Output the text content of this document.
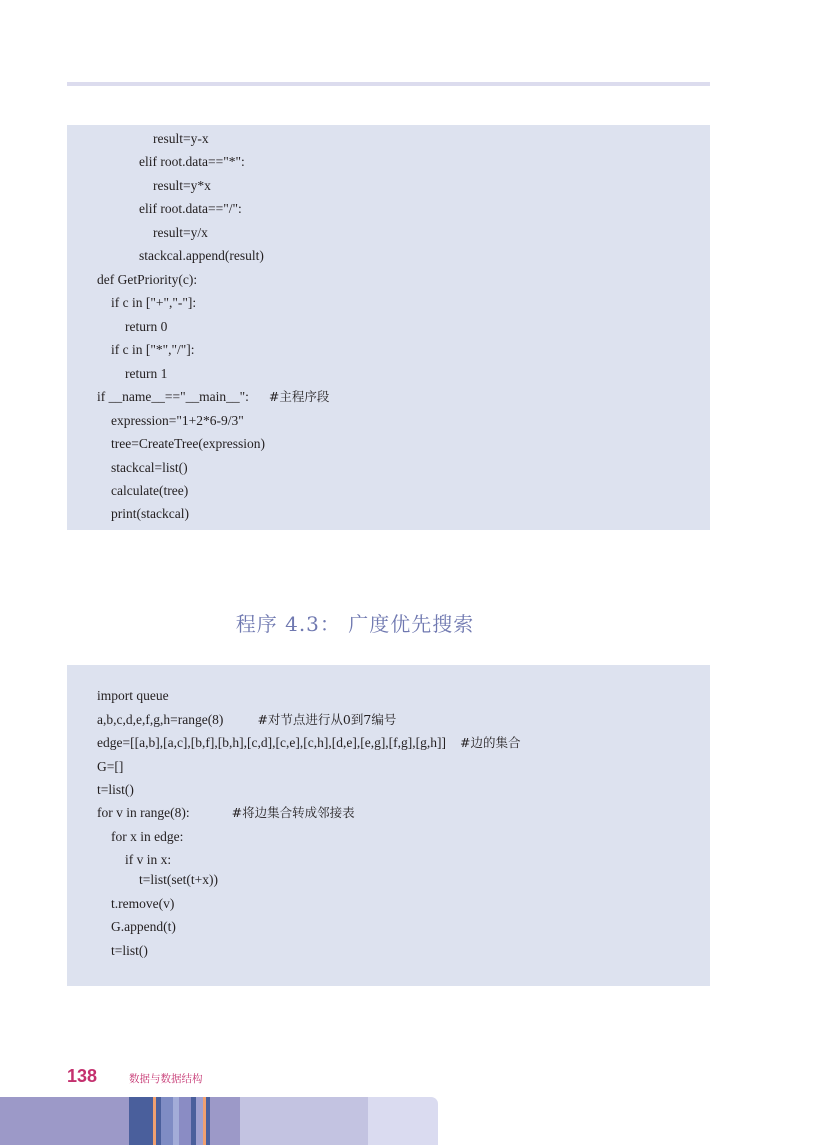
result=y-x
elif root.data=="*":
result=y*x
elif root.data=="/":
result=y/x
stackcal.append(result)
def GetPriority(c):
if c in ["+","-"]:
return 0
if c in ["*","/"]:
return 1
if __name__=="__main__": #主程序段
expression="1+2*6-9/3"
tree=CreateTree(expression)
stackcal=list()
calculate(tree)
print(stackcal)
程序 4.3： 广度优先搜索
import queue
a,b,c,d,e,f,g,h=range(8)	#对节点进行从0到7编号
edge=[[a,b],[a,c],[b,f],[b,h],[c,d],[c,e],[c,h],[d,e],[e,g],[f,g],[g,h]] #边的集合
G=[]
t=list()
for v in range(8):	#将边集合转成邻接表
for x in edge:
if v in x:
t=list(set(t+x))
t.remove(v)
G.append(t)
t=list()
138	数据与数据结构
